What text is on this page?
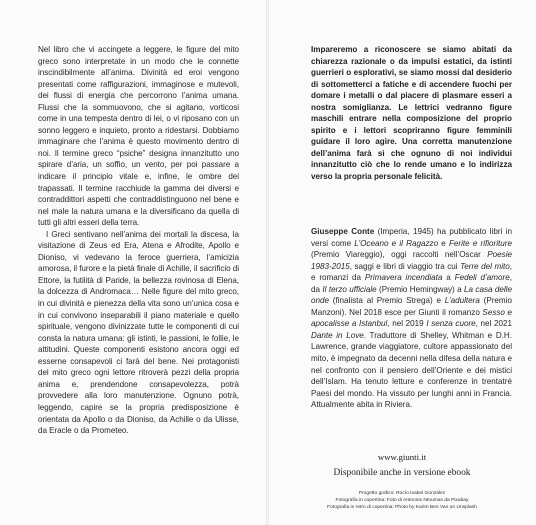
Nel libro che vi accingete a leggere, le figure del mito greco sono interpretate in un modo che le connette inscindibilmente all’anima. Divinità ed eroi vengono presentati come raffigurazioni, immaginose e mutevoli, dei flussi di energia che percorrono l’anima umana. Flussi che la sommuovono, che si agitano, vorticosi come in una tempesta dentro di lei, o vi riposano con un sonno leggero e inquieto, pronto a ridestarsi. Dobbiamo immaginare che l’anima è questo movimento dentro di noi. Il termine greco “psiche” designa innanzitutto uno spirare d’aria, un soffio, un vento, per poi passare a indicare il principio vitale e, infine, le ombre dei trapassati. Il termine racchiude la gamma dei diversi e contraddittori aspetti che contraddistinguono nel bene e nel male la natura umana e la diversificano da quella di tutti gli altri esseri della terra.

I Greci sentivano nell’anima dei mortali la discesa, la visitazione di Zeus ed Era, Atena e Afrodite, Apollo e Dioniso, vi vedevano la feroce guerriera, l’amicizia amorosa, il furore e la pietà finale di Achille, il sacrificio di Ettore, la futilità di Paride, la bellezza rovinosa di Elena, la dolcezza di Andromaca… Nelle figure del mito greco, in cui divinità e pienezza della vita sono un’unica cosa e in cui convivono inseparabili il piano materiale e quello spirituale, vengono divinizzate tutte le componenti di cui consta la natura umana: gli istinti, le passioni, le follie, le attitudini. Queste componenti esistono ancora oggi ed esserne consapevoli ci farà del bene. Nei protagonisti del mito greco ogni lettore ritroverà pezzi della propria anima e, prendendone consapevolezza, potrà provvedere alla loro manutenzione. Ognuno potrà, leggendo, capire se la propria predisposizione è orientata da Apollo o da Dioniso, da Achille o da Ulisse, da Eracle o da Prometeo.

Impareremo a riconoscere se siamo abitati da chiarezza razionale o da impulsi estatici, da istinti guerrieri o esplorativi, se siamo mossi dal desiderio di sottometterci a fatiche e di accendere fuochi per domare i metalli o dal piacere di plasmare esseri a nostra somiglianza. Le lettrici vedranno figure maschili entrare nella composizione del proprio spirito e i lettori scopriranno figure femminili guidare il loro agire. Una corretta manutenzione dell’anima farà sì che ognuno di noi individui innanzitutto ciò che lo rende umano e lo indirizza verso la propria personale felicità.

Giuseppe Conte (Imperia, 1945) ha pubblicato libri in versi come L’Oceano e il Ragazzo e Ferite e rifioriture (Premio Viareggio), oggi raccolti nell’Oscar Poesie 1983-2015, saggi e libri di viaggio tra cui Terre del mito, e romanzi da Primavera incendiata a Fedeli d’amore, da Il terzo ufficiale (Premio Hemingway) a La casa delle onde (finalista al Premio Strega) e L’adultera (Premio Manzoni). Nel 2018 esce per Giunti il romanzo Sesso e apocalisse a Istanbul, nel 2019 I senza cuore, nel 2021 Dante in Love. Traduttore di Shelley, Whitman e D.H. Lawrence, grande viaggiatore, cultore appassionato del mito, è impegnato da decenni nella difesa della natura e nel confronto con il pensiero dell’Oriente e dei mistici dell’Islam. Ha tenuto letture e conferenze in trentatré Paesi del mondo. Ha vissuto per lunghi anni in Francia. Attualmente abita in Riviera.

www.giunti.it
Disponibile anche in versione ebook
Progetto grafico: Rocío Isabel González
Fotografia in copertina: Foto di Antonios Ntoumas da Pixabay
Fotografia in retro di copertina: Photo by Karim Ben Van on Unsplash
